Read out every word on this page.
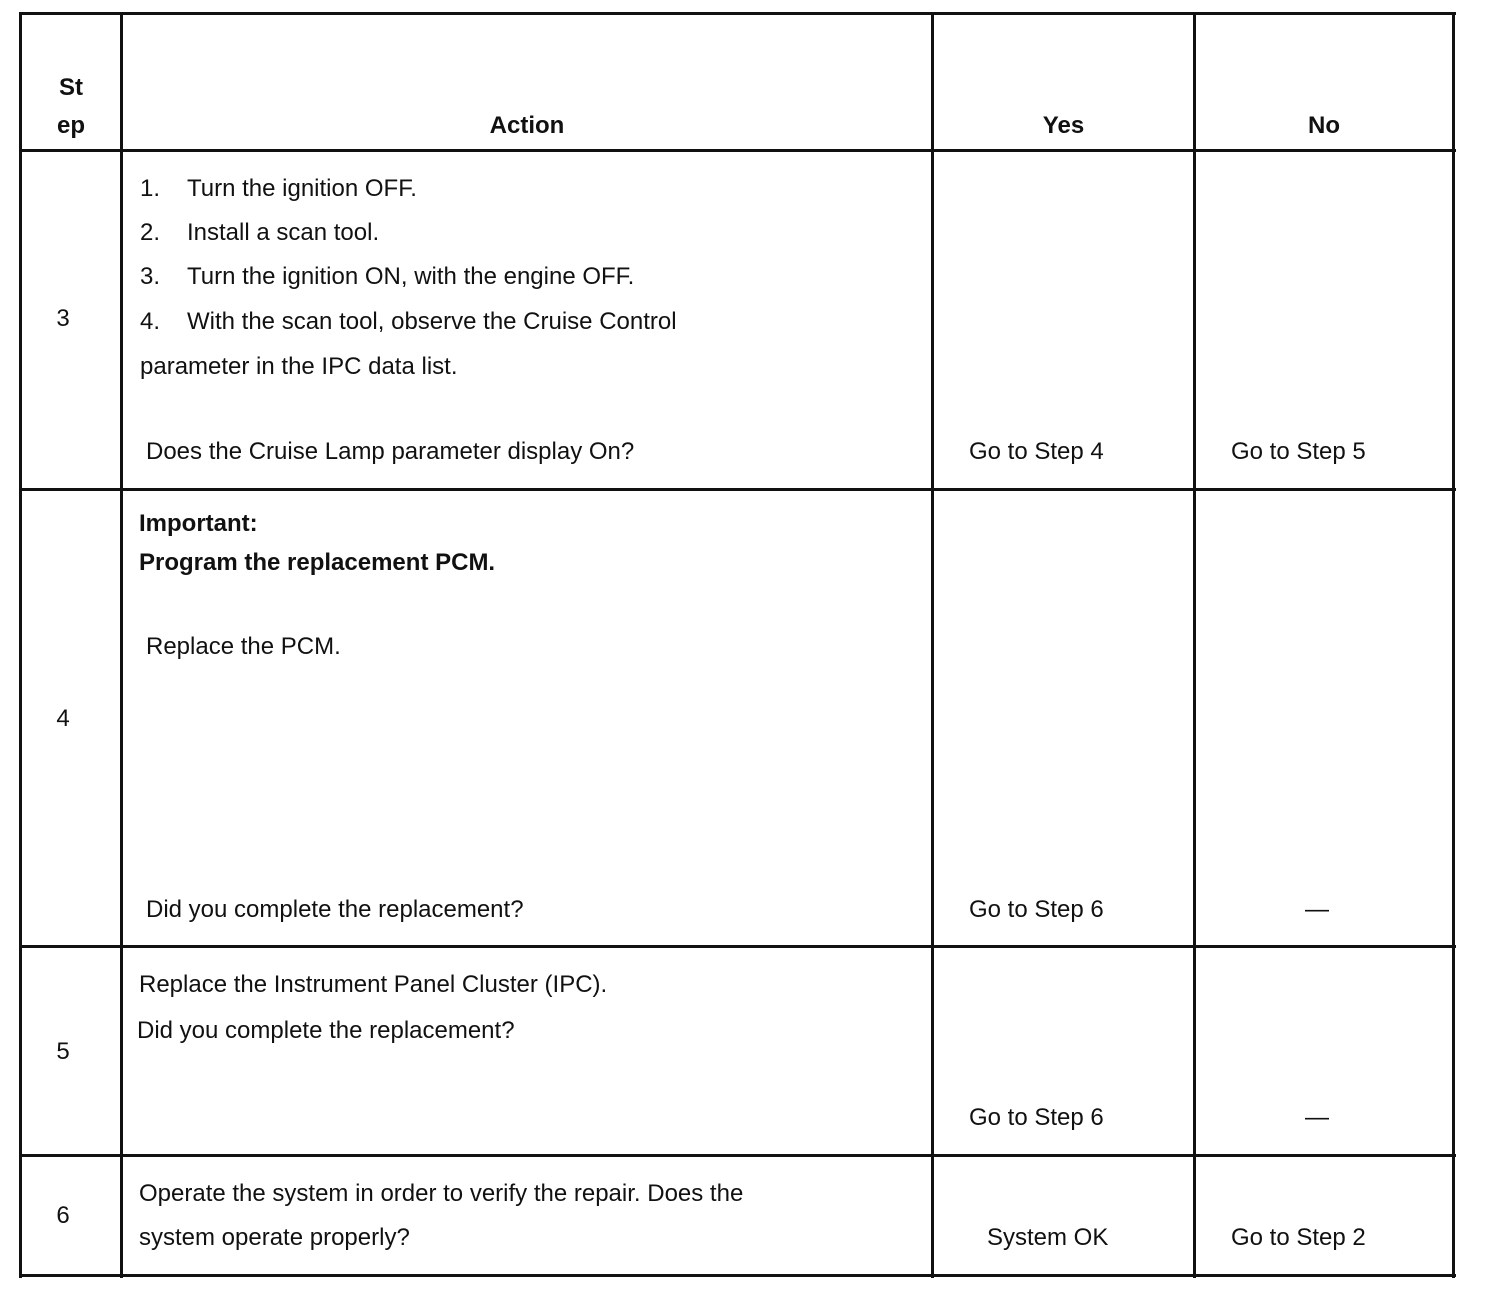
St
ep	Action	Yes	No
3
1. Turn the ignition OFF.
2. Install a scan tool.
3. Turn the ignition ON, with the engine OFF.
4. With the scan tool, observe the Cruise Control
parameter in the IPC data list.
Does the Cruise Lamp parameter display On?	Go to Step 4	Go to Step 5
4
Important:
Program the replacement PCM.
Replace the PCM.
Did you complete the replacement?	Go to Step 6	—
5
Replace the Instrument Panel Cluster (IPC).
Did you complete the replacement?
Go to Step 6	—
6
Operate the system in order to verify the repair. Does the
system operate properly?	System OK	Go to Step 2
